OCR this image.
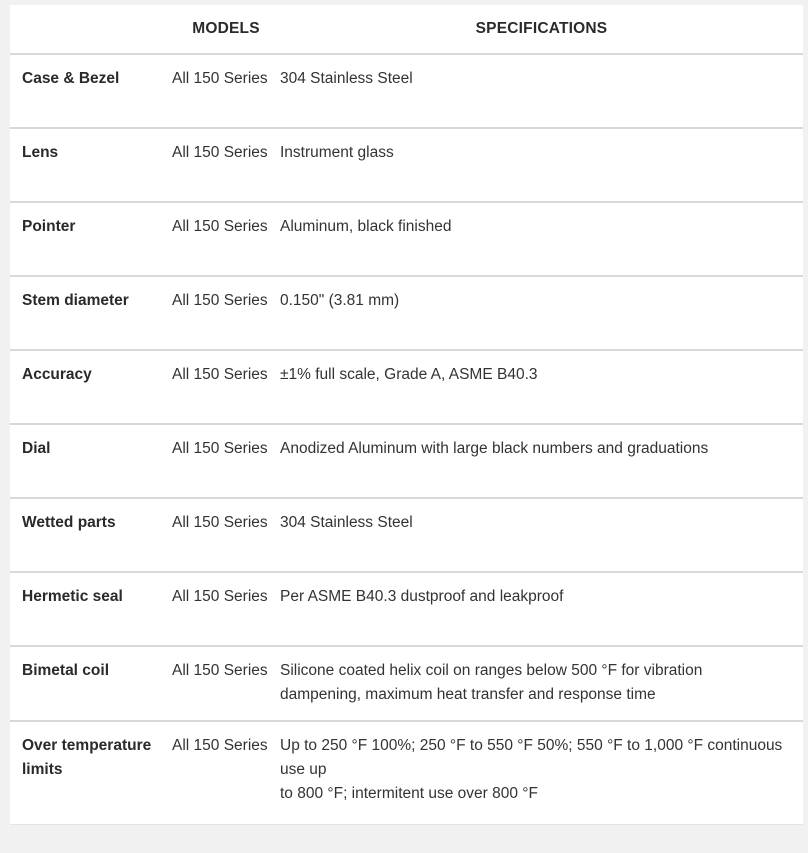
	MODELS	SPECIFICATIONS
Case & Bezel	All 150 Series	304 Stainless Steel

Lens	All 150 Series	Instrument glass

Pointer	All 150 Series	Aluminum, black finished

Stem diameter	All 150 Series	0.150" (3.81 mm)

Accuracy	All 150 Series	±1% full scale, Grade A, ASME B40.3

Dial	All 150 Series	Anodized Aluminum with large black numbers and graduations

Wetted parts	All 150 Series	304 Stainless Steel

Hermetic seal	All 150 Series	Per ASME B40.3 dustproof and leakproof

Bimetal coil	All 150 Series	Silicone coated helix coil on ranges below 500 °F for vibration dampening, maximum heat transfer and response time

Over temperature limits	All 150 Series	Up to 250 °F 100%; 250 °F to 550 °F 50%; 550 °F to 1,000 °F continuous use up
to 800 °F; intermitent use over 800 °F
